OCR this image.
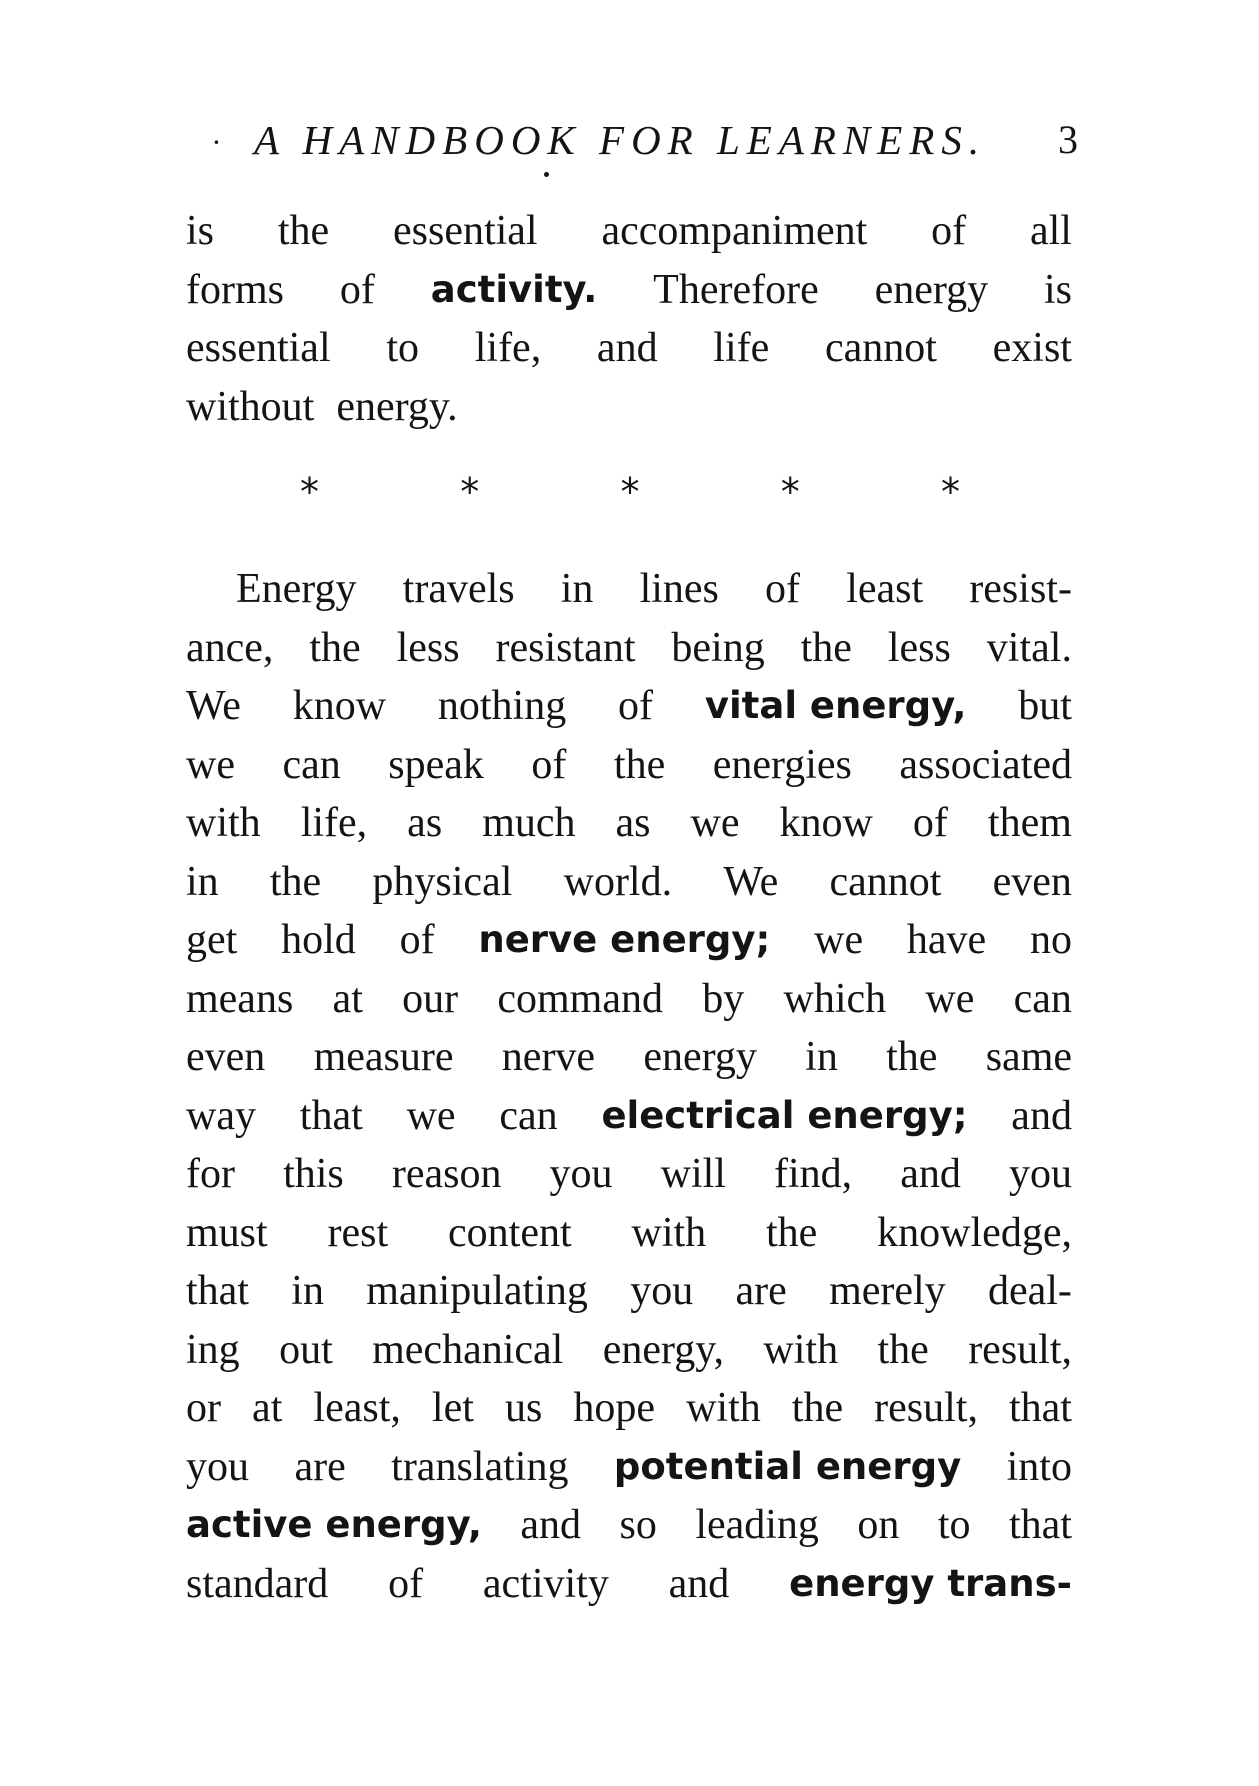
· A HANDBOOK FOR LEARNERS. 3
is the essential accompaniment of all
forms of activity. Therefore energy is
essential to life, and life cannot exist
without energy.
*	*	*	*	*
Energy travels in lines of least resist-
ance, the less resistant being the less vital.
We know nothing of vital energy, but
we can speak of the energies associated
with life, as much as we know of them
in the physical world. We cannot even
get hold of nerve energy; we have no
means at our command by which we can
even measure nerve energy in the same
way that we can electrical energy; and
for this reason you will find, and you
must rest content with the knowledge,
that in manipulating you are merely deal-
ing out mechanical energy, with the result,
or at least, let us hope with the result, that
you are translating potential energy into
active energy, and so leading on to that
standard of activity and energy trans-
